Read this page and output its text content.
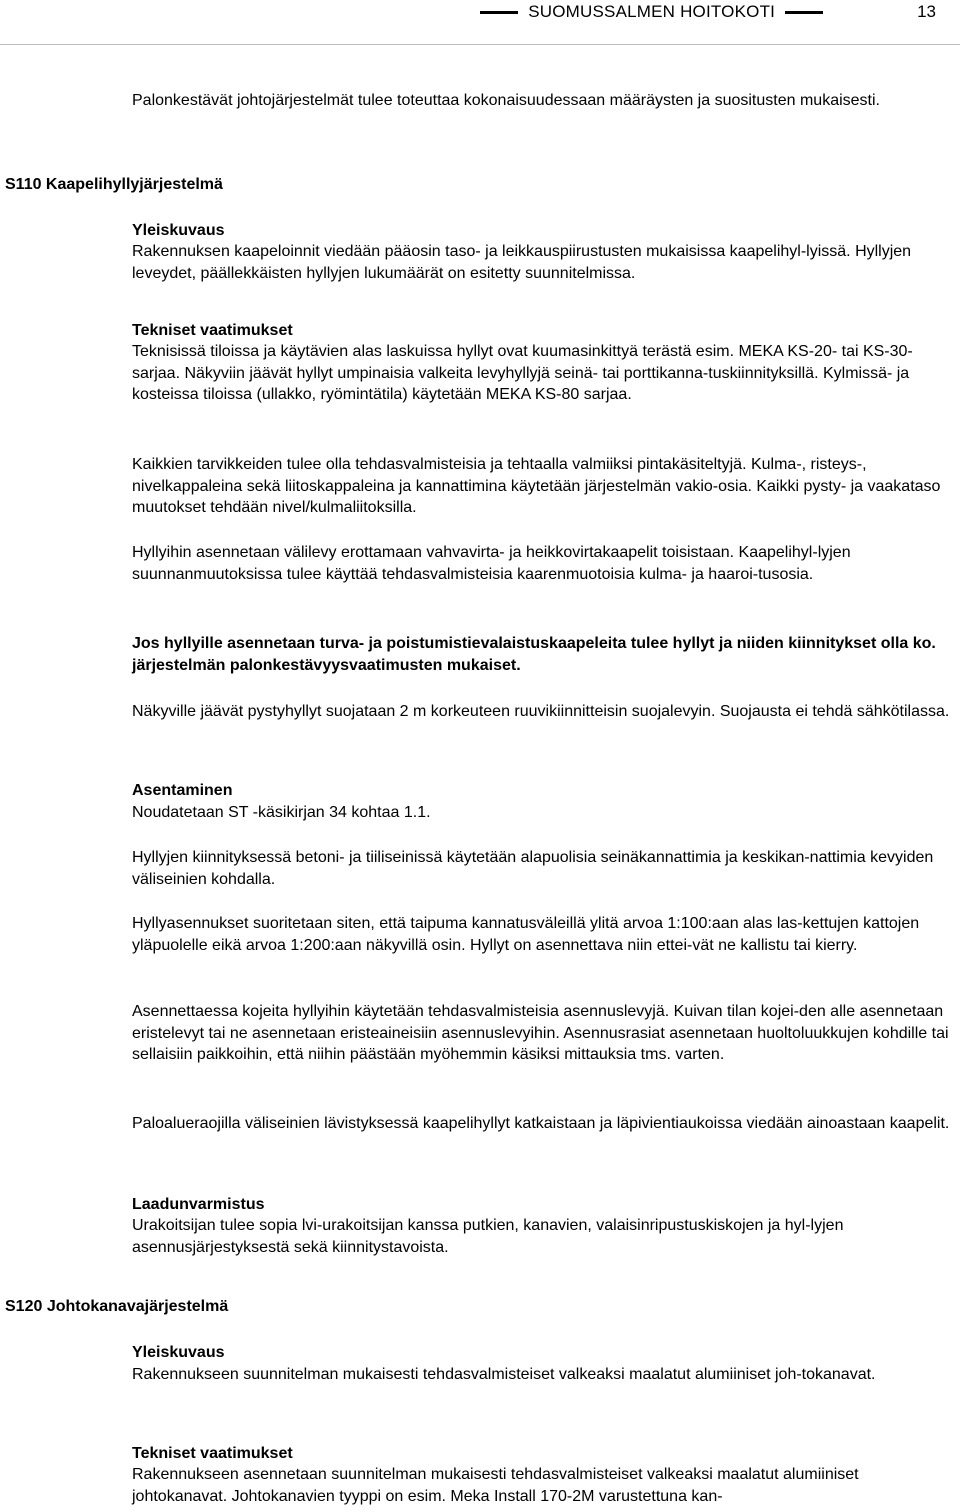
SUOMUSSALMEN HOITOKOTI	13

Palonkestävät johtojärjestelmät tulee toteuttaa kokonaisuudessaan määräysten ja suositusten mukaisesti.

S110 Kaapelihyllyjärjestelmä

Yleiskuvaus

Rakennuksen kaapeloinnit viedään pääosin taso- ja leikkauspiirustusten mukaisissa kaapelihyl-lyissä. Hyllyjen leveydet, päällekkäisten hyllyjen lukumäärät on esitetty suunnitelmissa.

Tekniset vaatimukset

Teknisissä tiloissa ja käytävien alas laskuissa hyllyt ovat kuumasinkittyä terästä esim. MEKA KS-20- tai KS-30-sarjaa. Näkyviin jäävät hyllyt umpinaisia valkeita levyhyllyjä seinä- tai porttikanna-tuskiinnityksillä. Kylmissä- ja kosteissa tiloissa (ullakko, ryömintätila) käytetään MEKA KS-80 sarjaa.

Kaikkien tarvikkeiden tulee olla tehdasvalmisteisia ja tehtaalla valmiiksi pintakäsiteltyjä. Kulma-, risteys-, nivelkappaleina sekä liitoskappaleina ja kannattimina käytetään järjestelmän vakio-osia. Kaikki pysty- ja vaakataso muutokset tehdään nivel/kulmaliitoksilla.

Hyllyihin asennetaan välilevy erottamaan vahvavirta- ja heikkovirtakaapelit toisistaan. Kaapelihyl-lyjen suunnanmuutoksissa tulee käyttää tehdasvalmisteisia kaarenmuotoisia kulma- ja haaroi-tusosia.

Jos hyllyille asennetaan turva- ja poistumistievalaistuskaapeleita tulee hyllyt ja niiden kiinnitykset olla ko. järjestelmän palonkestävyysvaatimusten mukaiset.

Näkyville jäävät pystyhyllyt suojataan 2 m korkeuteen ruuvikiinnitteisin suojalevyin. Suojausta ei tehdä sähkötilassa.

Asentaminen

Noudatetaan ST -käsikirjan 34 kohtaa 1.1.

Hyllyjen kiinnityksessä betoni- ja tiiliseinissä käytetään alapuolisia seinäkannattimia ja keskikan-nattimia kevyiden väliseinien kohdalla.

Hyllyasennukset suoritetaan siten, että taipuma kannatusväleillä ylitä arvoa 1:100:aan alas las-kettujen kattojen yläpuolelle eikä arvoa 1:200:aan näkyvillä osin. Hyllyt on asennettava niin ettei-vät ne kallistu tai kierry.

Asennettaessa kojeita hyllyihin käytetään tehdasvalmisteisia asennuslevyjä. Kuivan tilan kojei-den alle asennetaan eristelevyt tai ne asennetaan eristeaineisiin asennuslevyihin. Asennusrasiat asennetaan huoltoluukkujen kohdille tai sellaisiin paikkoihin, että niihin päästään myöhemmin käsiksi mittauksia tms. varten.

Paloalueraojilla väliseinien lävistyksessä kaapelihyllyt katkaistaan ja läpivientiaukoissa viedään ainoastaan kaapelit.

Laadunvarmistus

Urakoitsijan tulee sopia lvi-urakoitsijan kanssa putkien, kanavien, valaisinripustuskiskojen ja hyl-lyjen asennusjärjestyksestä sekä kiinnitystavoista.

S120 Johtokanavajärjestelmä

Yleiskuvaus

Rakennukseen suunnitelman mukaisesti tehdasvalmisteiset valkeaksi maalatut alumiiniset joh-tokanavat.

Tekniset vaatimukset

Rakennukseen asennetaan suunnitelman mukaisesti tehdasvalmisteiset valkeaksi maalatut alumiiniset johtokanavat. Johtokanavien tyyppi on esim. Meka Install 170-2M varustettuna kan-
